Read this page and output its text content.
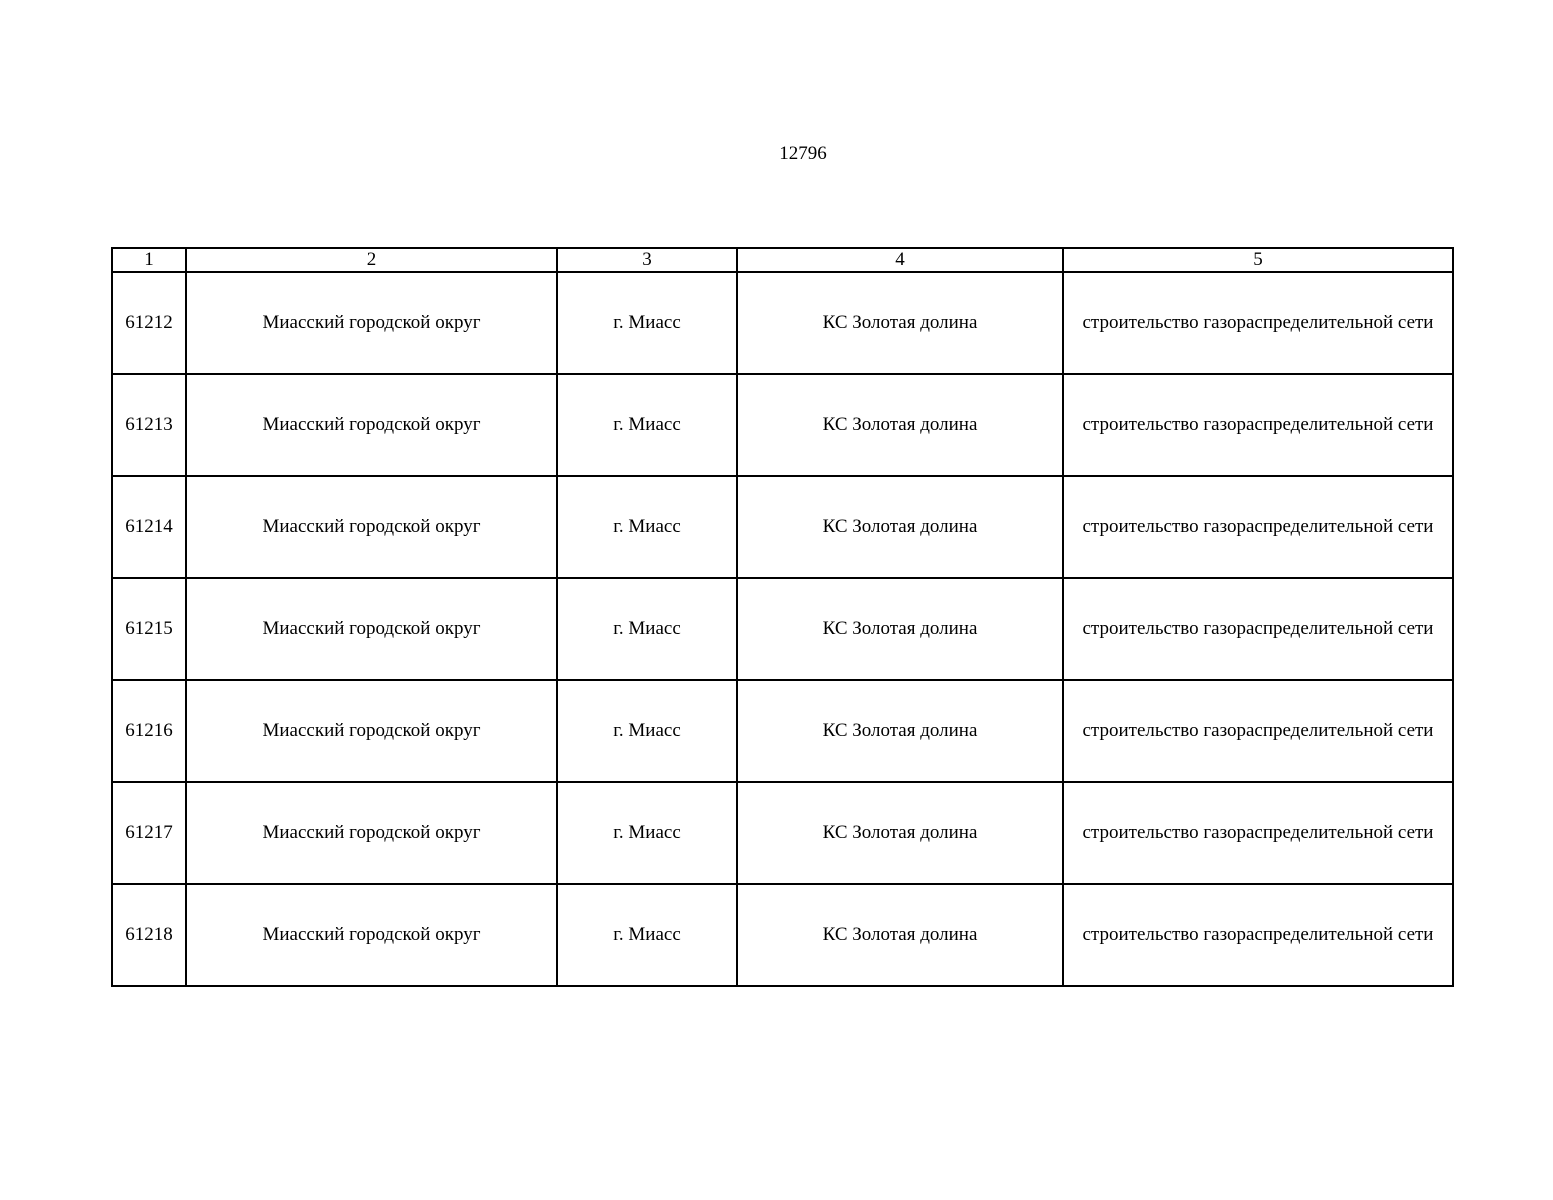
12796
1	2	3	4	5
61212	Миасский городской округ	г. Миасс	КС Золотая долина	строительство газораспределительной сети
61213	Миасский городской округ	г. Миасс	КС Золотая долина	строительство газораспределительной сети
61214	Миасский городской округ	г. Миасс	КС Золотая долина	строительство газораспределительной сети
61215	Миасский городской округ	г. Миасс	КС Золотая долина	строительство газораспределительной сети
61216	Миасский городской округ	г. Миасс	КС Золотая долина	строительство газораспределительной сети
61217	Миасский городской округ	г. Миасс	КС Золотая долина	строительство газораспределительной сети
61218	Миасский городской округ	г. Миасс	КС Золотая долина	строительство газораспределительной сети
